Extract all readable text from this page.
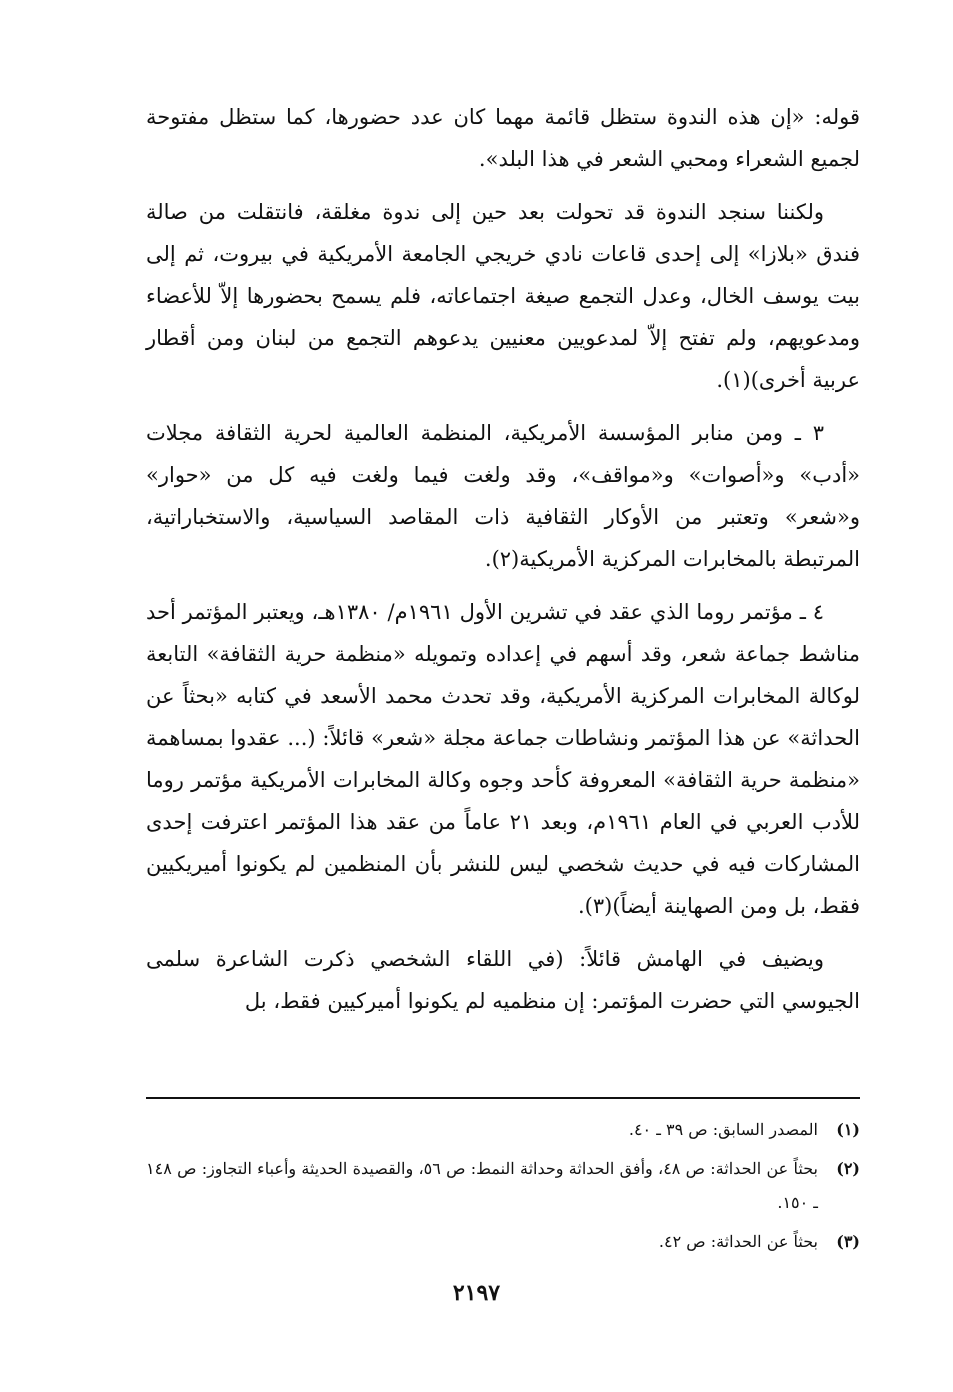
قوله: «إن هذه الندوة ستظل قائمة مهما كان عدد حضورها، كما ستظل مفتوحة لجميع الشعراء ومحبي الشعر في هذا البلد».

ولكننا سنجد الندوة قد تحولت بعد حين إلى ندوة مغلقة، فانتقلت من صالة فندق «بلازا» إلى إحدى قاعات نادي خريجي الجامعة الأمريكية في بيروت، ثم إلى بيت يوسف الخال، وعدل التجمع صيغة اجتماعاته، فلم يسمح بحضورها إلاّ للأعضاء ومدعويهم، ولم تفتح إلاّ لمدعويين معنيين يدعوهم التجمع من لبنان ومن أقطار عربية أخرى)(١).

٣ ـ ومن منابر المؤسسة الأمريكية، المنظمة العالمية لحرية الثقافة مجلات «أدب» و«أصوات» و«مواقف»، وقد ولغت فيما ولغت فيه كل من «حوار» و«شعر» وتعتبر من الأوكار الثقافية ذات المقاصد السياسية، والاستخباراتية، المرتبطة بالمخابرات المركزية الأمريكية(٢).

٤ ـ مؤتمر روما الذي عقد في تشرين الأول ١٩٦١م/ ١٣٨٠هـ، ويعتبر المؤتمر أحد مناشط جماعة شعر، وقد أسهم في إعداده وتمويله «منظمة حرية الثقافة» التابعة لوكالة المخابرات المركزية الأمريكية، وقد تحدث محمد الأسعد في كتابه «بحثاً عن الحداثة» عن هذا المؤتمر ونشاطات جماعة مجلة «شعر» قائلاً: (... عقدوا بمساهمة «منظمة حرية الثقافة» المعروفة كأحد وجوه وكالة المخابرات الأمريكية مؤتمر روما للأدب العربي في العام ١٩٦١م، وبعد ٢١ عاماً من عقد هذا المؤتمر اعترفت إحدى المشاركات فيه في حديث شخصي ليس للنشر بأن المنظمين لم يكونوا أميريكيين فقط، بل ومن الصهاينة أيضاً)(٣).

ويضيف في الهامش قائلاً: (في اللقاء الشخصي ذكرت الشاعرة سلمى الجيوسي التي حضرت المؤتمر: إن منظميه لم يكونوا أميركيين فقط، بل

(١)
المصدر السابق: ص ٣٩ ـ ٤٠.
(٢)
بحثاً عن الحداثة: ص ٤٨، وأفق الحداثة وحداثة النمط: ص ٥٦، والقصيدة الحديثة وأعباء التجاوز: ص ١٤٨ ـ ١٥٠.
(٣)
بحثاً عن الحداثة: ص ٤٢.
٢١٩٧
